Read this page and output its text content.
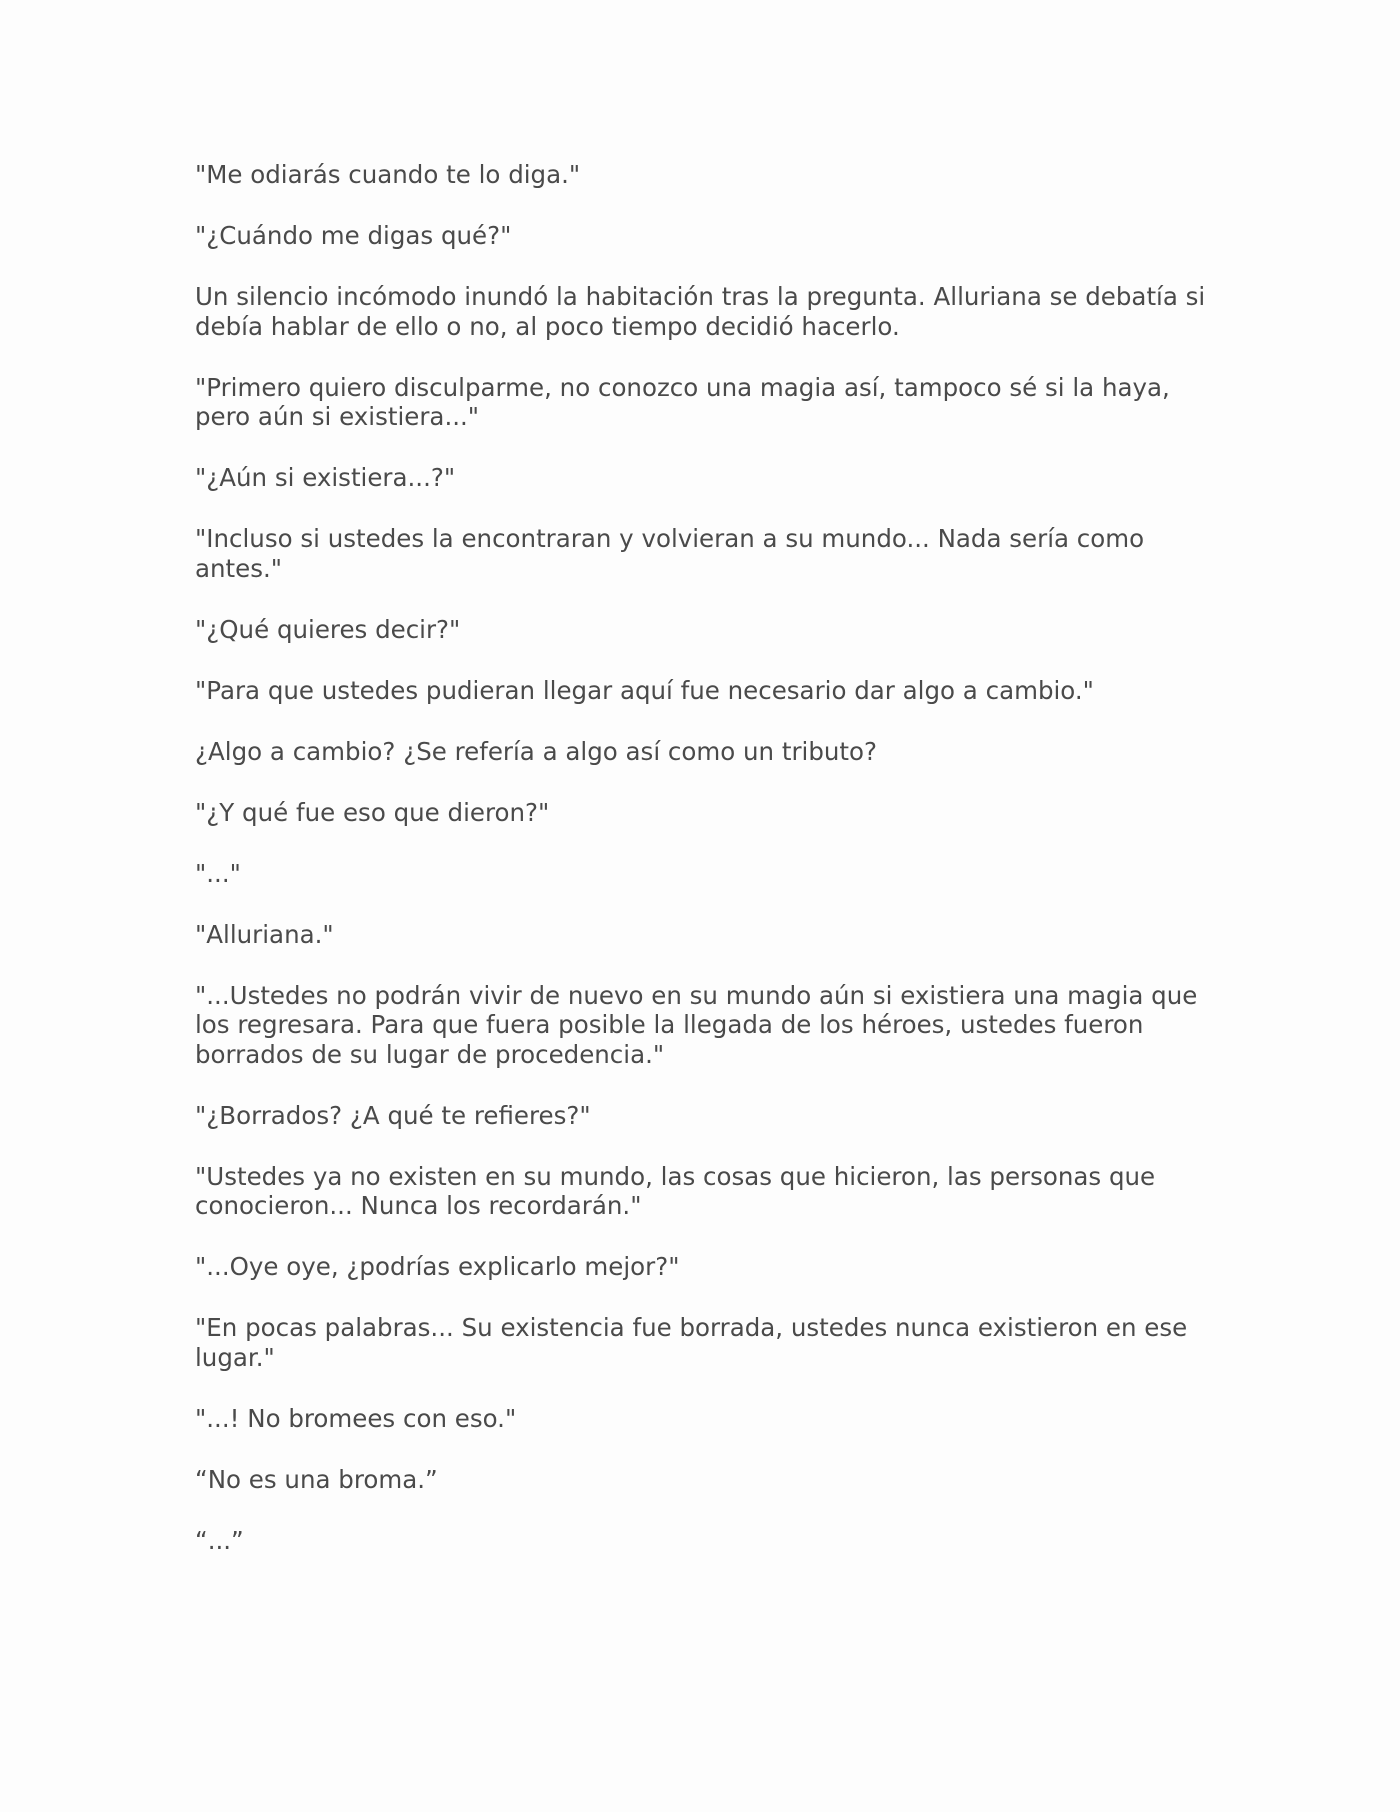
"Me odiarás cuando te lo diga."

"¿Cuándo me digas qué?"

Un silencio incómodo inundó la habitación tras la pregunta. Alluriana se debatía si debía hablar de ello o no, al poco tiempo decidió hacerlo.

"Primero quiero disculparme, no conozco una magia así, tampoco sé si la haya, pero aún si existiera..."

"¿Aún si existiera...?"

"Incluso si ustedes la encontraran y volvieran a su mundo... Nada sería como antes."

"¿Qué quieres decir?"

"Para que ustedes pudieran llegar aquí fue necesario dar algo a cambio."

¿Algo a cambio? ¿Se refería a algo así como un tributo?

"¿Y qué fue eso que dieron?"

"..."

"Alluriana."

"...Ustedes no podrán vivir de nuevo en su mundo aún si existiera una magia que los regresara. Para que fuera posible la llegada de los héroes, ustedes fueron borrados de su lugar de procedencia."

"¿Borrados? ¿A qué te refieres?"

"Ustedes ya no existen en su mundo, las cosas que hicieron, las personas que conocieron... Nunca los recordarán."

"...Oye oye, ¿podrías explicarlo mejor?"

"En pocas palabras... Su existencia fue borrada, ustedes nunca existieron en ese lugar."

"...! No bromees con eso."

“No es una broma.”

“...”
